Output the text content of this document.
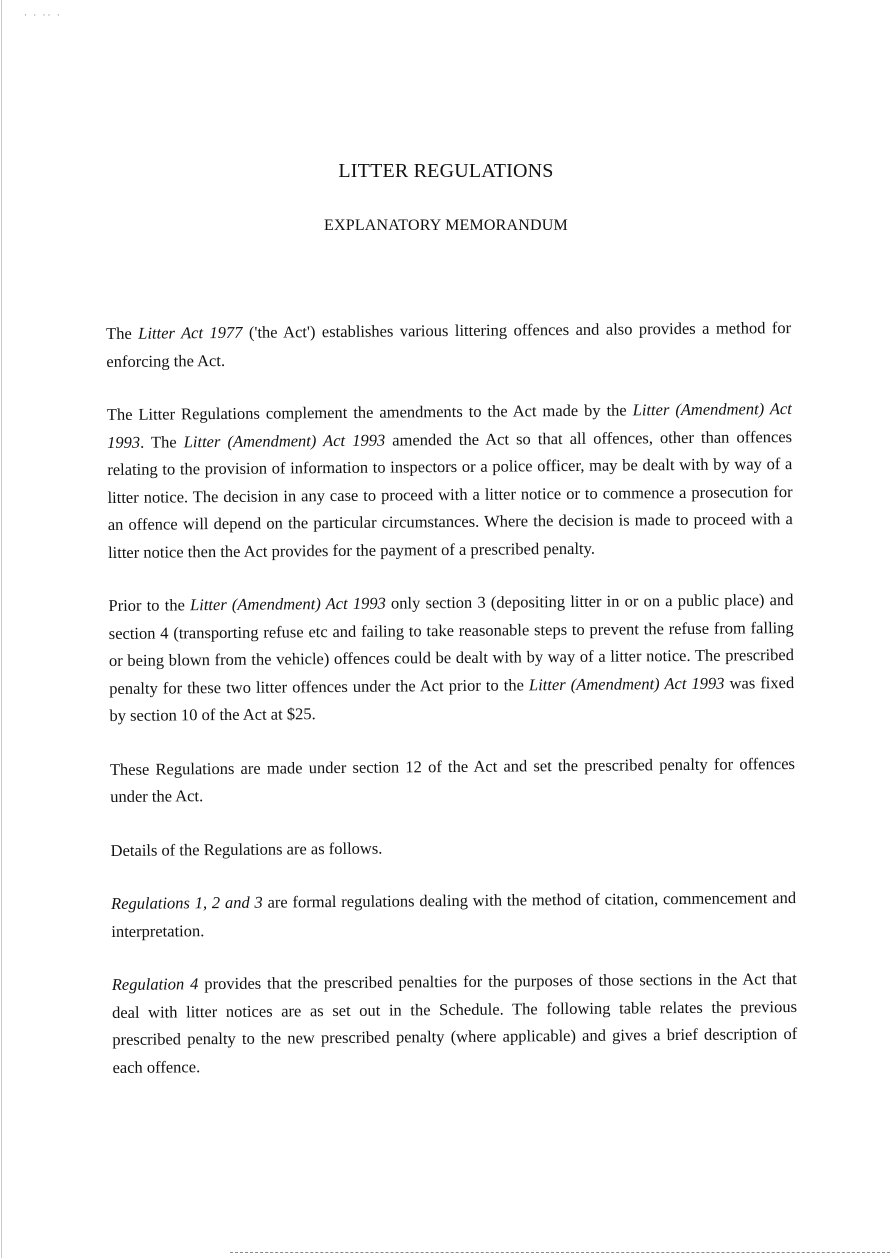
· · ·· ·
LITTER REGULATIONS
EXPLANATORY MEMORANDUM

The Litter Act 1977 ('the Act') establishes various littering offences and also provides a method for enforcing the Act.

The Litter Regulations complement the amendments to the Act made by the Litter (Amendment) Act 1993. The Litter (Amendment) Act 1993 amended the Act so that all offences, other than offences relating to the provision of information to inspectors or a police officer, may be dealt with by way of a litter notice. The decision in any case to proceed with a litter notice or to commence a prosecution for an offence will depend on the particular circumstances. Where the decision is made to proceed with a litter notice then the Act provides for the payment of a prescribed penalty.

Prior to the Litter (Amendment) Act 1993 only section 3 (depositing litter in or on a public place) and section 4 (transporting refuse etc and failing to take reasonable steps to prevent the refuse from falling or being blown from the vehicle) offences could be dealt with by way of a litter notice. The prescribed penalty for these two litter offences under the Act prior to the Litter (Amendment) Act 1993 was fixed by section 10 of the Act at $25.

These Regulations are made under section 12 of the Act and set the prescribed penalty for offences under the Act.

Details of the Regulations are as follows.

Regulations 1, 2 and 3 are formal regulations dealing with the method of citation, commencement and interpretation.

Regulation 4 provides that the prescribed penalties for the purposes of those sections in the Act that deal with litter notices are as set out in the Schedule. The following table relates the previous prescribed penalty to the new prescribed penalty (where applicable) and gives a brief description of each offence.
